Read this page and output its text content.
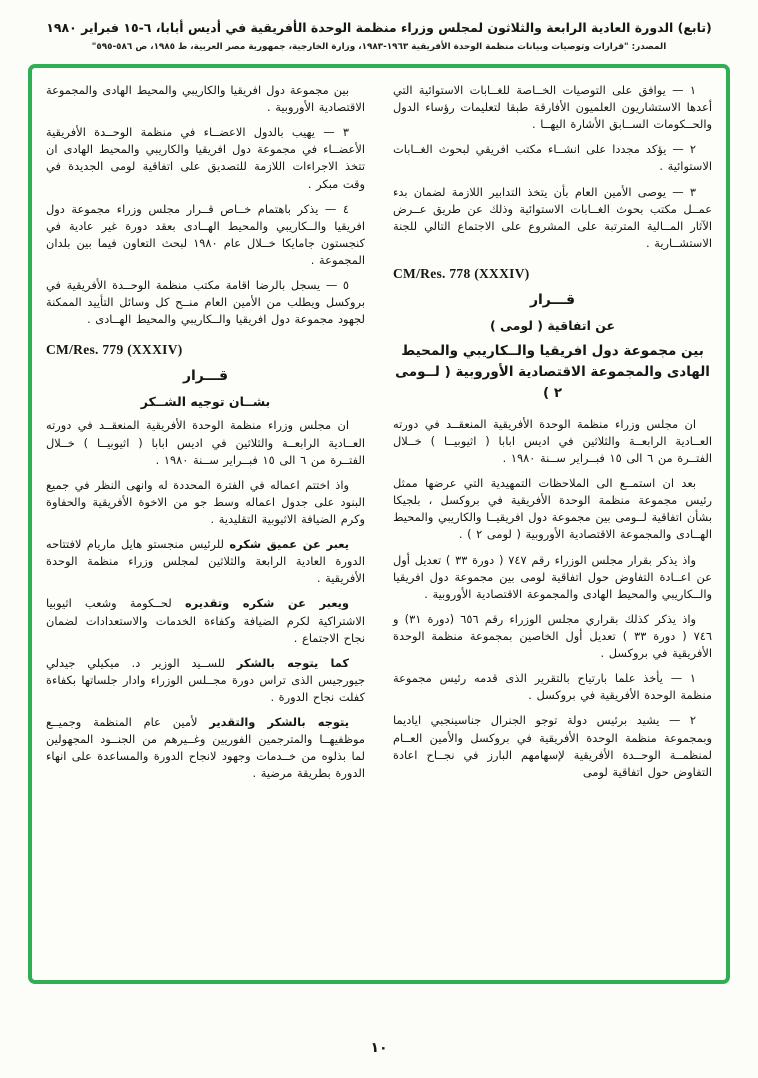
(تابع) الدورة العادية الرابعة والثلاثون لمجلس وزراء منظمة الوحدة الأفريقية في أديس أبابا، ٦-١٥ فبراير ١٩٨٠
المصدر: "قرارات وتوصيات وبيانات منظمة الوحدة الأفريقية ١٩٦٣-١٩٨٣، وزارة الخارجية، جمهورية مصر العربية، ط ١٩٨٥، ص ٥٨٦-٥٩٥"
١ — يوافق على التوصيات الخــاصة للغــابات الاستوائية التي أعدها الاستشاريون العلميون الأفارقة طبقا لتعليمات رؤساء الدول والحــكومات الســابق الأشارة اليهــا .
٢ — يؤكد مجددا على انشــاء مكتب افريقي لبحوث الغــابات الاستوائية .
٣ — يوصى الأمين العام بأن يتخذ التدابير اللازمة لضمان بدء عمــل مكتب بحوث الغــابات الاستوائية وذلك عن طريق عــرض الآثار المــالية المترتبة على المشروع على الاجتماع التالي للجنة الاستشــارية .
CM/Res. 778 (XXXIV)
قـــرار
عن اتفاقية ( لومى )
بين مجموعة دول افريقيا والــكاريبي والمحيط الهادى والمجموعة الاقتصادية الأوروبية ( لــومى ٢ )
ان مجلس وزراء منظمة الوحدة الأفريقية المنعقــد في دورته العــادية الرابعــة والثلاثين في اديس ابابا ( اثيوبيــا ) خــلال الفتــرة من ٦ الى ١٥ فبــراير ســنة ١٩٨٠ .
بعد ان استمــع الى الملاحظات التمهيدية التي عرضها ممثل رئيس مجموعة منظمة الوحدة الأفريقية في بروكسل ، بلجيكا بشأن اتفاقية لــومى بين مجموعة دول افريقيــا والكاريبي والمحيط الهــادى والمجموعة الاقتصادية الأوروبية ( لومى ٢ ) .
واذ يذكر بقرار مجلس الوزراء رقم ٧٤٧ ( دورة ٣٣ ) تعديل أول عن اعــادة التفاوض حول اتفاقية لومى بين مجموعة دول افريقيا والــكاريبي والمحيط الهادى والمجموعة الاقتصادية الأوروبية .
واذ يذكر كذلك بقراري مجلس الوزراء رقم ٦٥٦ (دورة ٣١) و ٧٤٦ ( دورة ٣٣ ) تعديل أول الخاصين بمجموعة منظمة الوحدة الأفريقية في بروكسل .
١ — يأخذ علما بارتياح بالتقرير الذى قدمه رئيس مجموعة منظمة الوحدة الأفريقية في بروكسل .
٢ — يشيد برئيس دولة توجو الجنرال جناسينجبي اياديما وبمجموعة منظمة الوحدة الأفريقية في بروكسل والأمين العــام لمنظمــة الوحــدة الأفريقية لإسهامهم البارز في نجــاح اعادة التفاوض حول اتفاقية لومى
بين مجموعة دول افريقيا والكاريبي والمحيط الهادى والمجموعة الاقتصادية الأوروبية .
٣ — يهيب بالدول الاعضــاء في منظمة الوحــدة الأفريقية الأعضــاء في مجموعة دول افريقيا والكاريبي والمحيط الهادى ان تتخذ الاجراءات اللازمة للتصديق على اتفاقية لومى الجديدة في وقت مبكر .
٤ — يذكر باهتمام خــاص قــرار مجلس وزراء مجموعة دول افريقيا والــكاريبي والمحيط الهــادى بعقد دورة غير عادية في كنجستون جامايكا خــلال عام ١٩٨٠ لبحث التعاون فيما بين بلدان المجموعة .
٥ — يسجل بالرضا اقامة مكتب منظمة الوحــدة الأفريقية في بروكسل ويطلب من الأمين العام منــح كل وسائل التأييد الممكنة لجهود مجموعة دول افريقيا والــكاريبي والمحيط الهــادى .
CM/Res. 779 (XXXIV)
قـــرار
بشــان توجيه الشــكر
ان مجلس وزراء منظمة الوحدة الأفريقية المنعقــد في دورته العــادية الرابعــة والثلاثين في اديس ابابا ( اثيوبيــا ) خــلال الفتــرة من ٦ الى ١٥ فبــراير ســنة ١٩٨٠ .
واذ اختتم اعماله في الفترة المحددة له وانهى النظر في جميع البنود على جدول اعماله وسط جو من الاخوة الأفريقية والحفاوة وكرم الضيافة الاثيوبية التقليدية .
يعبر عن عميق شكره للرئيس منجستو هايل ماريام لافتتاحه الدورة العادية الرابعة والثلاثين لمجلس وزراء منظمة الوحدة الأفريقية .
ويعبر عن شكره وتقديره لحــكومة وشعب اثيوبيا الاشتراكية لكرم الضيافة وكفاءة الخدمات والاستعدادات لضمان نجاح الاجتماع .
كما يتوجه بالشكر للســيد الوزير د. ميكيلي جيدلي جيورجيس الذى تراس دورة مجــلس الوزراء وادار جلساتها بكفاءة كفلت نجاح الدورة .
يتوجه بالشكر والتقدير لأمين عام المنظمة وجميــع موظفيهــا والمترجمين الفوريين وغــيرهم من الجنــود المجهولين لما بذلوه من خــدمات وجهود لانجاح الدورة والمساعدة على انهاء الدورة بطريقة مرضية .
١٠
